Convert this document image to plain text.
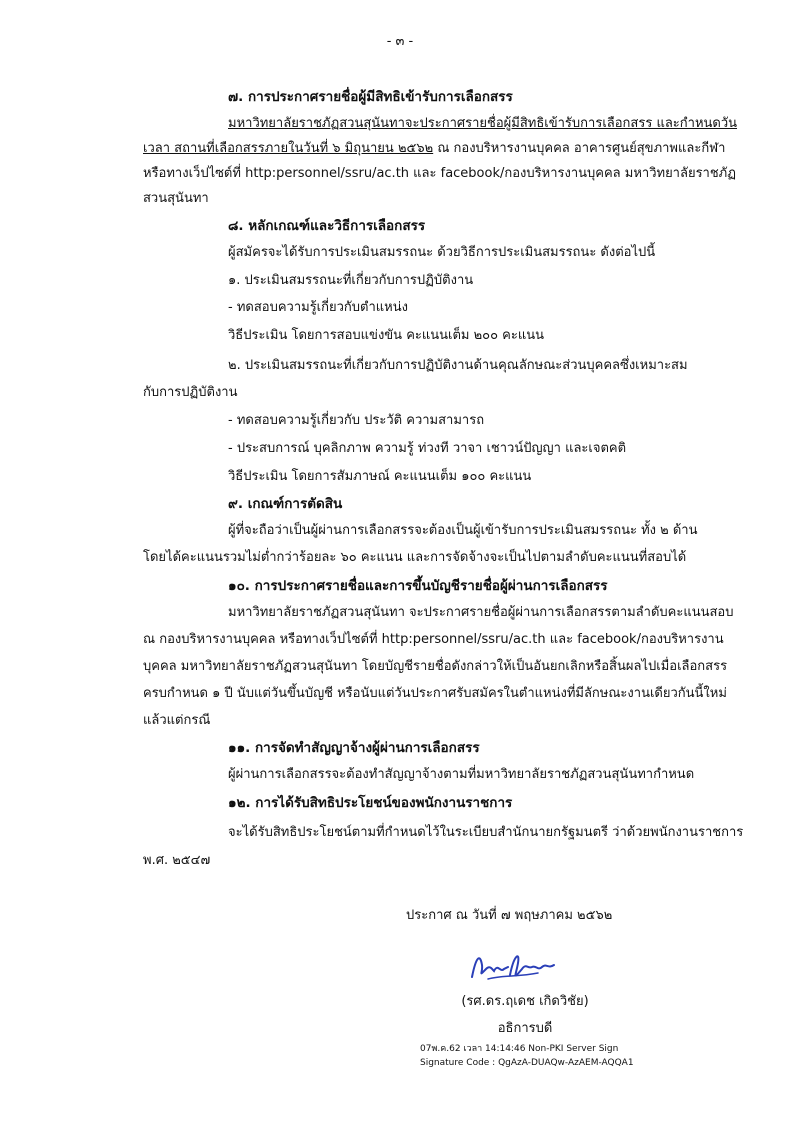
- ๓ -
๗. การประกาศรายชื่อผู้มีสิทธิเข้ารับการเลือกสรร
มหาวิทยาลัยราชภัฏสวนสุนันทาจะประกาศรายชื่อผู้มีสิทธิเข้ารับการเลือกสรร และกำหนดวัน
เวลา สถานที่เลือกสรรภายในวันที่ ๖ มิถุนายน ๒๕๖๒ ณ กองบริหารงานบุคคล อาคารศูนย์สุขภาพและกีฬา
หรือทางเว็ปไซต์ที่ http:personnel/ssru/ac.th และ facebook/กองบริหารงานบุคคล มหาวิทยาลัยราชภัฏ
สวนสุนันทา
๘. หลักเกณฑ์และวิธีการเลือกสรร
ผู้สมัครจะได้รับการประเมินสมรรถนะ ด้วยวิธีการประเมินสมรรถนะ ดังต่อไปนี้
๑. ประเมินสมรรถนะที่เกี่ยวกับการปฏิบัติงาน
- ทดสอบความรู้เกี่ยวกับตำแหน่ง
วิธีประเมิน โดยการสอบแข่งขัน คะแนนเต็ม ๒๐๐ คะแนน
๒. ประเมินสมรรถนะที่เกี่ยวกับการปฏิบัติงานด้านคุณลักษณะส่วนบุคคลซึ่งเหมาะสม
กับการปฏิบัติงาน
- ทดสอบความรู้เกี่ยวกับ ประวัติ ความสามารถ
- ประสบการณ์ บุคลิกภาพ ความรู้ ท่วงที วาจา เชาวน์ปัญญา และเจตคติ
วิธีประเมิน โดยการสัมภาษณ์ คะแนนเต็ม ๑๐๐ คะแนน
๙. เกณฑ์การตัดสิน
ผู้ที่จะถือว่าเป็นผู้ผ่านการเลือกสรรจะต้องเป็นผู้เข้ารับการประเมินสมรรถนะ ทั้ง ๒ ด้าน
โดยได้คะแนนรวมไม่ต่ำกว่าร้อยละ ๖๐ คะแนน และการจัดจ้างจะเป็นไปตามลำดับคะแนนที่สอบได้
๑๐. การประกาศรายชื่อและการขึ้นบัญชีรายชื่อผู้ผ่านการเลือกสรร
มหาวิทยาลัยราชภัฏสวนสุนันทา จะประกาศรายชื่อผู้ผ่านการเลือกสรรตามลำดับคะแนนสอบ
ณ กองบริหารงานบุคคล หรือทางเว็ปไซต์ที่ http:personnel/ssru/ac.th และ facebook/กองบริหารงาน
บุคคล มหาวิทยาลัยราชภัฏสวนสุนันทา โดยบัญชีรายชื่อดังกล่าวให้เป็นอันยกเลิกหรือสิ้นผลไปเมื่อเลือกสรร
ครบกำหนด ๑ ปี นับแต่วันขึ้นบัญชี หรือนับแต่วันประกาศรับสมัครในตำแหน่งที่มีลักษณะงานเดียวกันนี้ใหม่
แล้วแต่กรณี
๑๑. การจัดทำสัญญาจ้างผู้ผ่านการเลือกสรร
ผู้ผ่านการเลือกสรรจะต้องทำสัญญาจ้างตามที่มหาวิทยาลัยราชภัฏสวนสุนันทากำหนด
๑๒. การได้รับสิทธิประโยชน์ของพนักงานราชการ
จะได้รับสิทธิประโยชน์ตามที่กำหนดไว้ในระเบียบสำนักนายกรัฐมนตรี ว่าด้วยพนักงานราชการ
พ.ศ. ๒๕๔๗
ประกาศ ณ วันที่ ๗ พฤษภาคม ๒๕๖๒
(รศ.ดร.ฤเดช เกิดวิชัย)
อธิการบดี
07พ.ค.62 เวลา 14:14:46 Non-PKI Server Sign
Signature Code : QgAzA-DUAQw-AzAEM-AQQA1
